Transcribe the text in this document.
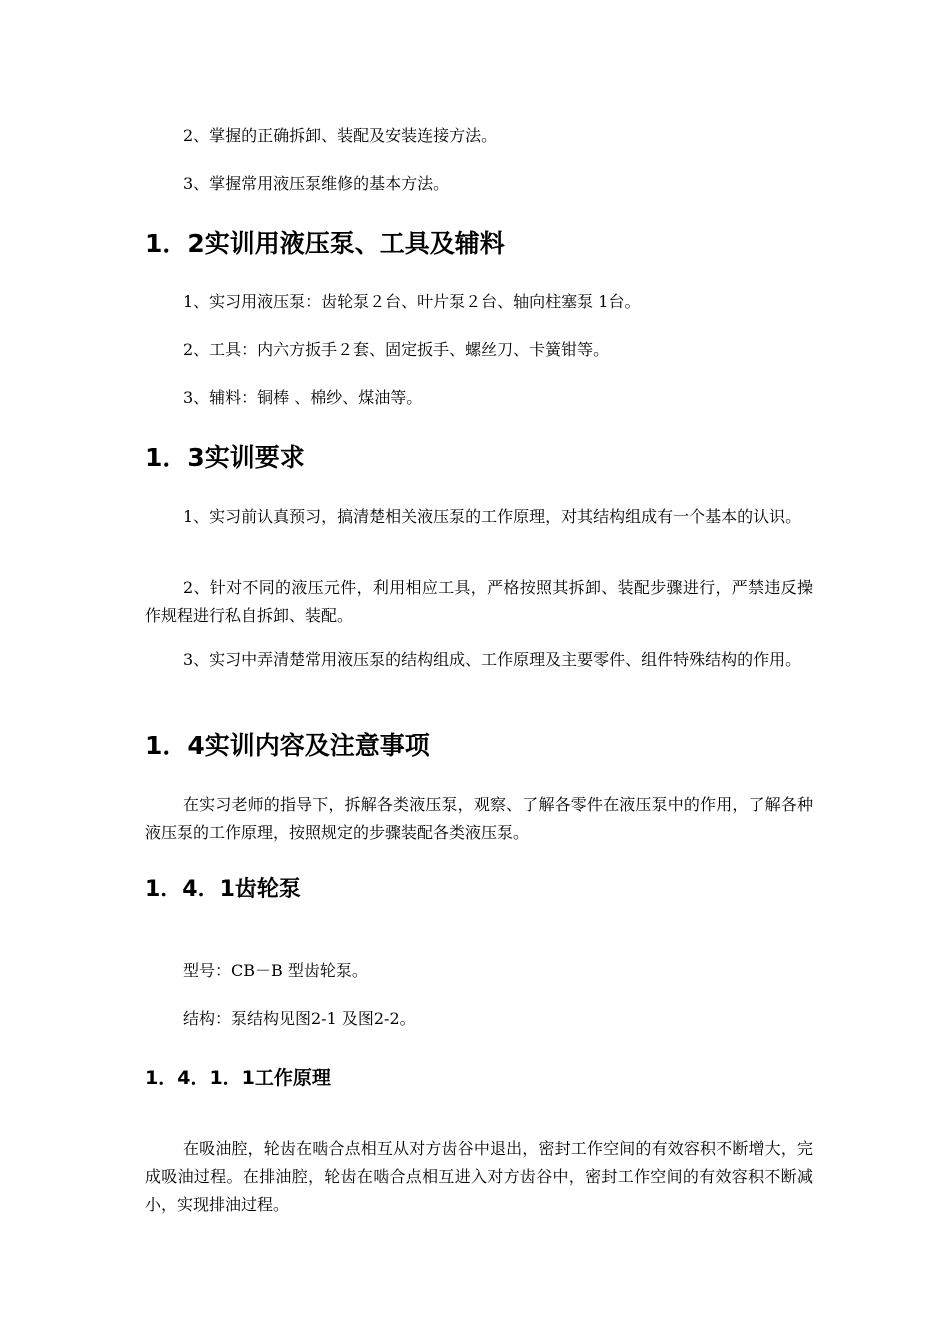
2、掌握的正确拆卸、装配及安装连接方法。
3、掌握常用液压泵维修的基本方法。
1．2实训用液压泵、工具及辅料
1、实习用液压泵：齿轮泵２台、叶片泵２台、轴向柱塞泵 1台。
2、工具：内六方扳手２套、固定扳手、螺丝刀、卡簧钳等。
3、辅料：铜棒 、棉纱、煤油等。
1．3实训要求
1、实习前认真预习，搞清楚相关液压泵的工作原理，对其结构组成有一个基本的认识。
2、针对不同的液压元件，利用相应工具，严格按照其拆卸、装配步骤进行，严禁违反操作规程进行私自拆卸、装配。
3、实习中弄清楚常用液压泵的结构组成、工作原理及主要零件、组件特殊结构的作用。
1．4实训内容及注意事项
在实习老师的指导下，拆解各类液压泵，观察、了解各零件在液压泵中的作用，了解各种液压泵的工作原理，按照规定的步骤装配各类液压泵。
1．4．1齿轮泵
型号：CB－B 型齿轮泵。
结构：泵结构见图2-1 及图2-2。
1．4．1．1工作原理
在吸油腔，轮齿在啮合点相互从对方齿谷中退出，密封工作空间的有效容积不断增大，完成吸油过程。在排油腔，轮齿在啮合点相互进入对方齿谷中，密封工作空间的有效容积不断减小，实现排油过程。
